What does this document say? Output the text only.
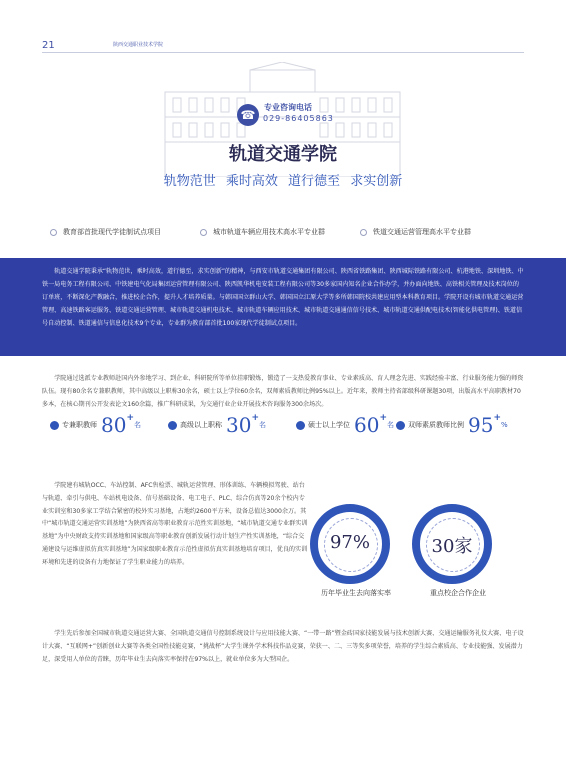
21	陕西交通职业技术学院
☎
专业咨询电话
029-86405863
轨道交通学院
轨物范世 乘时高效 道行德至 求实创新
教育部首批现代学徒制试点项目	城市轨道车辆应用技术高水平专业群	铁道交通运营管理高水平专业群
轨道交通学院秉承“轨物范世，乘时高效，道行德至，求实创新”的精神，与西安市轨道交通集团有限公司、陕西省铁路集团、陕西城际铁路有限公司、杭港地铁、深圳地铁、中铁一局电务工程有限公司、中铁建电气化局集团运营管理有限公司、陕西凯华机电安装工程有限公司等30多家国内知名企业合作办学，并办面向地铁、高铁相关管理及技术岗位的订单班，不断深化产教融合，推进校企合作，提升人才培养质量。与韩国国立群山大学、韩国国立江原大学等多所韩国院校共建应用型本科教育项目。学院开设有城市轨道交通运营管理、高速铁路客运服务、铁道交通运营管理、城市轨道交通机电技术、城市轨道车辆应用技术、城市轨道交通通信信号技术、城市轨道交通供配电技术(智能化供电管理)、铁道信号自动控制、铁道通信与信息化技术9个专业，专业群为教育部首批100家现代学徒制试点项目。
学院通过选派专业教师赴国内外参地学习、到企业、科研院所等单位挂职锻炼，锻造了一支热爱教育事业、专业素质高、育人理念先进、实践经验丰富、行业服务能力强的师资队伍。现有80余名专兼职教师，其中高级以上职称30余名，硕士以上学位60余名，双师素质教师比例95%以上。近年来，教师主持省部级科研课题30项，出版高水平高职教材70多本，在核心期刊公开发表论文160余篇，推广科研成果，为交通行业企业开展技术咨询服务300余场次。
专兼职教师 80+名	高级以上职称 30+名	硕士以上学位 60+名	双师素质教师比例 95+%
学院建有城轨OCC、车站控制、AFC售检票、城轨运营管理、形体训练、车辆模拟驾驶、站台与轨道、牵引与供电、车站机电设备、信号基础设备、电工电子、PLC、综合仿真等20余个校内专业实训室和30多家工学结合紧密的校外实习基地，占地约2600平方米，设备总值达3000余万。其中“城市轨道交通运营实训基地”为陕西省高等职业教育示范性实训基地，“城市轨道交通专业群实训基地”为中央财政支持实训基地和国家级高等职业教育创新发展行动计划生产性实训基地，“综合交通建设与运维虚拟仿真实训基地”为国家级职业教育示范性虚拟仿真实训基地培育项目，优良的实训环境和先进的设备有力地保证了学生职业能力的培养。
97%
历年毕业生去向落实率
30家
重点校企合作企业
学生先后参加全国城市轨道交通运营大赛、全国轨道交通信号控制系统设计与应用技能大赛、“一带一路”暨金砖国家技能发展与技术创新大赛、交通运输服务礼仪大赛、电子设计大赛、“互联网+”创新创业大赛等各类全国性技能竞赛，“挑战杯”大学生课外学术科技作品竞赛，荣获一、二、三等奖多项荣誉，培养的学生综合素质高、专业技能强、发展潜力足，深受用人单位的青睐，历年毕业生去向落实率保持在97%以上，就业单位多为大型国企。
